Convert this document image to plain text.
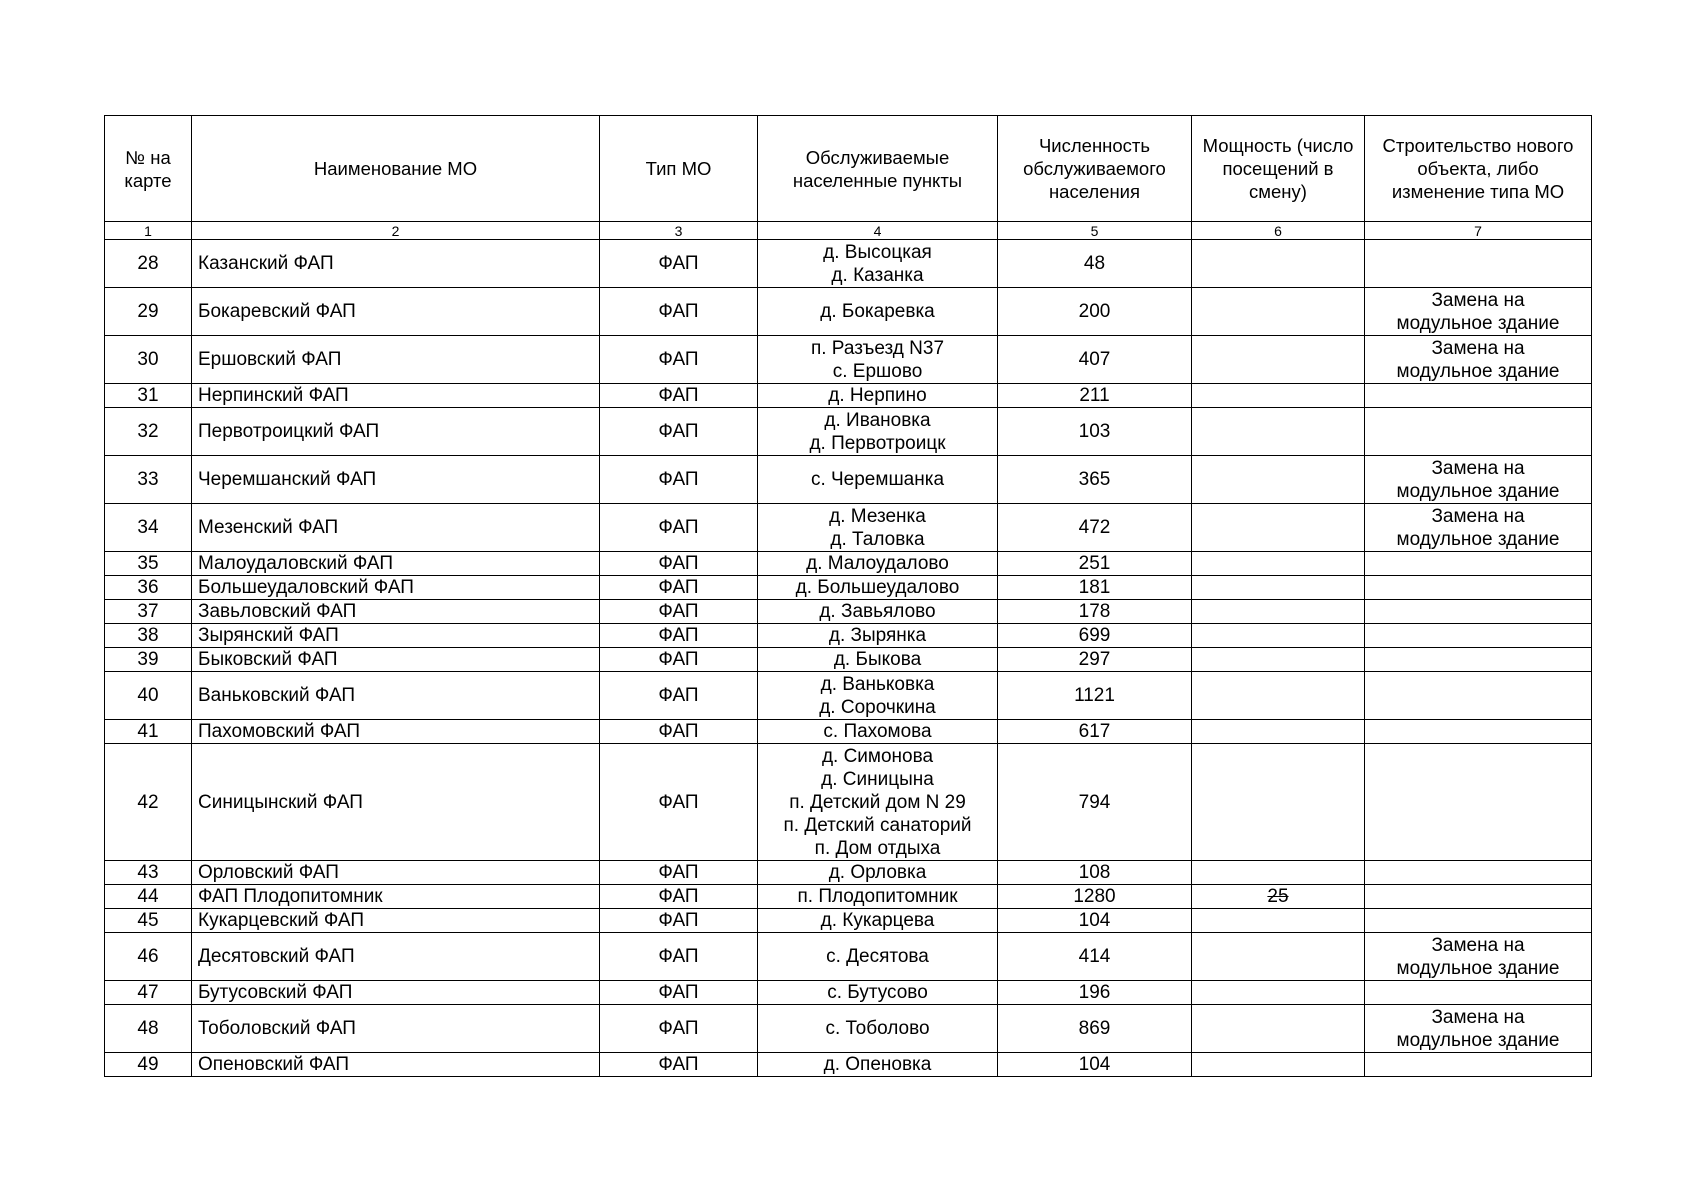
№ на карте	Наименование МО	Тип МО	Обслуживаемые населенные пункты	Численность обслуживаемого населения	Мощность (число посещений в смену)	Строительство нового объекта, либо изменение типа МО
1	2	3	4	5	6	7
28	Казанский ФАП	ФАП	д. Высоцкая
д. Казанка	48		
29	Бокаревский ФАП	ФАП	д. Бокаревка	200		Замена на
модульное здание
30	Ершовский ФАП	ФАП	п. Разъезд N37
с. Ершово	407		Замена на
модульное здание
31	Нерпинский ФАП	ФАП	д. Нерпино	211		
32	Первотроицкий ФАП	ФАП	д. Ивановка
д. Первотроицк	103		
33	Черемшанский ФАП	ФАП	с. Черемшанка	365		Замена на
модульное здание
34	Мезенский ФАП	ФАП	д. Мезенка
д. Таловка	472		Замена на
модульное здание
35	Малоудаловский ФАП	ФАП	д. Малоудалово	251		
36	Большеудаловский ФАП	ФАП	д. Большеудалово	181		
37	Завьловский ФАП	ФАП	д. Завьялово	178		
38	Зырянский ФАП	ФАП	д. Зырянка	699		
39	Быковский ФАП	ФАП	д. Быкова	297		
40	Ваньковский ФАП	ФАП	д. Ваньковка
д. Сорочкина	1121		
41	Пахомовский ФАП	ФАП	с. Пахомова	617		
42	Синицынский ФАП	ФАП	д. Симонова
д. Синицына
п. Детский дом N 29
п. Детский санаторий
п. Дом отдыха	794		
43	Орловский ФАП	ФАП	д. Орловка	108		
44	ФАП Плодопитомник	ФАП	п. Плодопитомник	1280	25	
45	Кукарцевский ФАП	ФАП	д. Кукарцева	104		
46	Десятовский ФАП	ФАП	с. Десятова	414		Замена на
модульное здание
47	Бутусовский ФАП	ФАП	с. Бутусово	196		
48	Тоболовский ФАП	ФАП	с. Тоболово	869		Замена на
модульное здание
49	Опеновский ФАП	ФАП	д. Опеновка	104		
